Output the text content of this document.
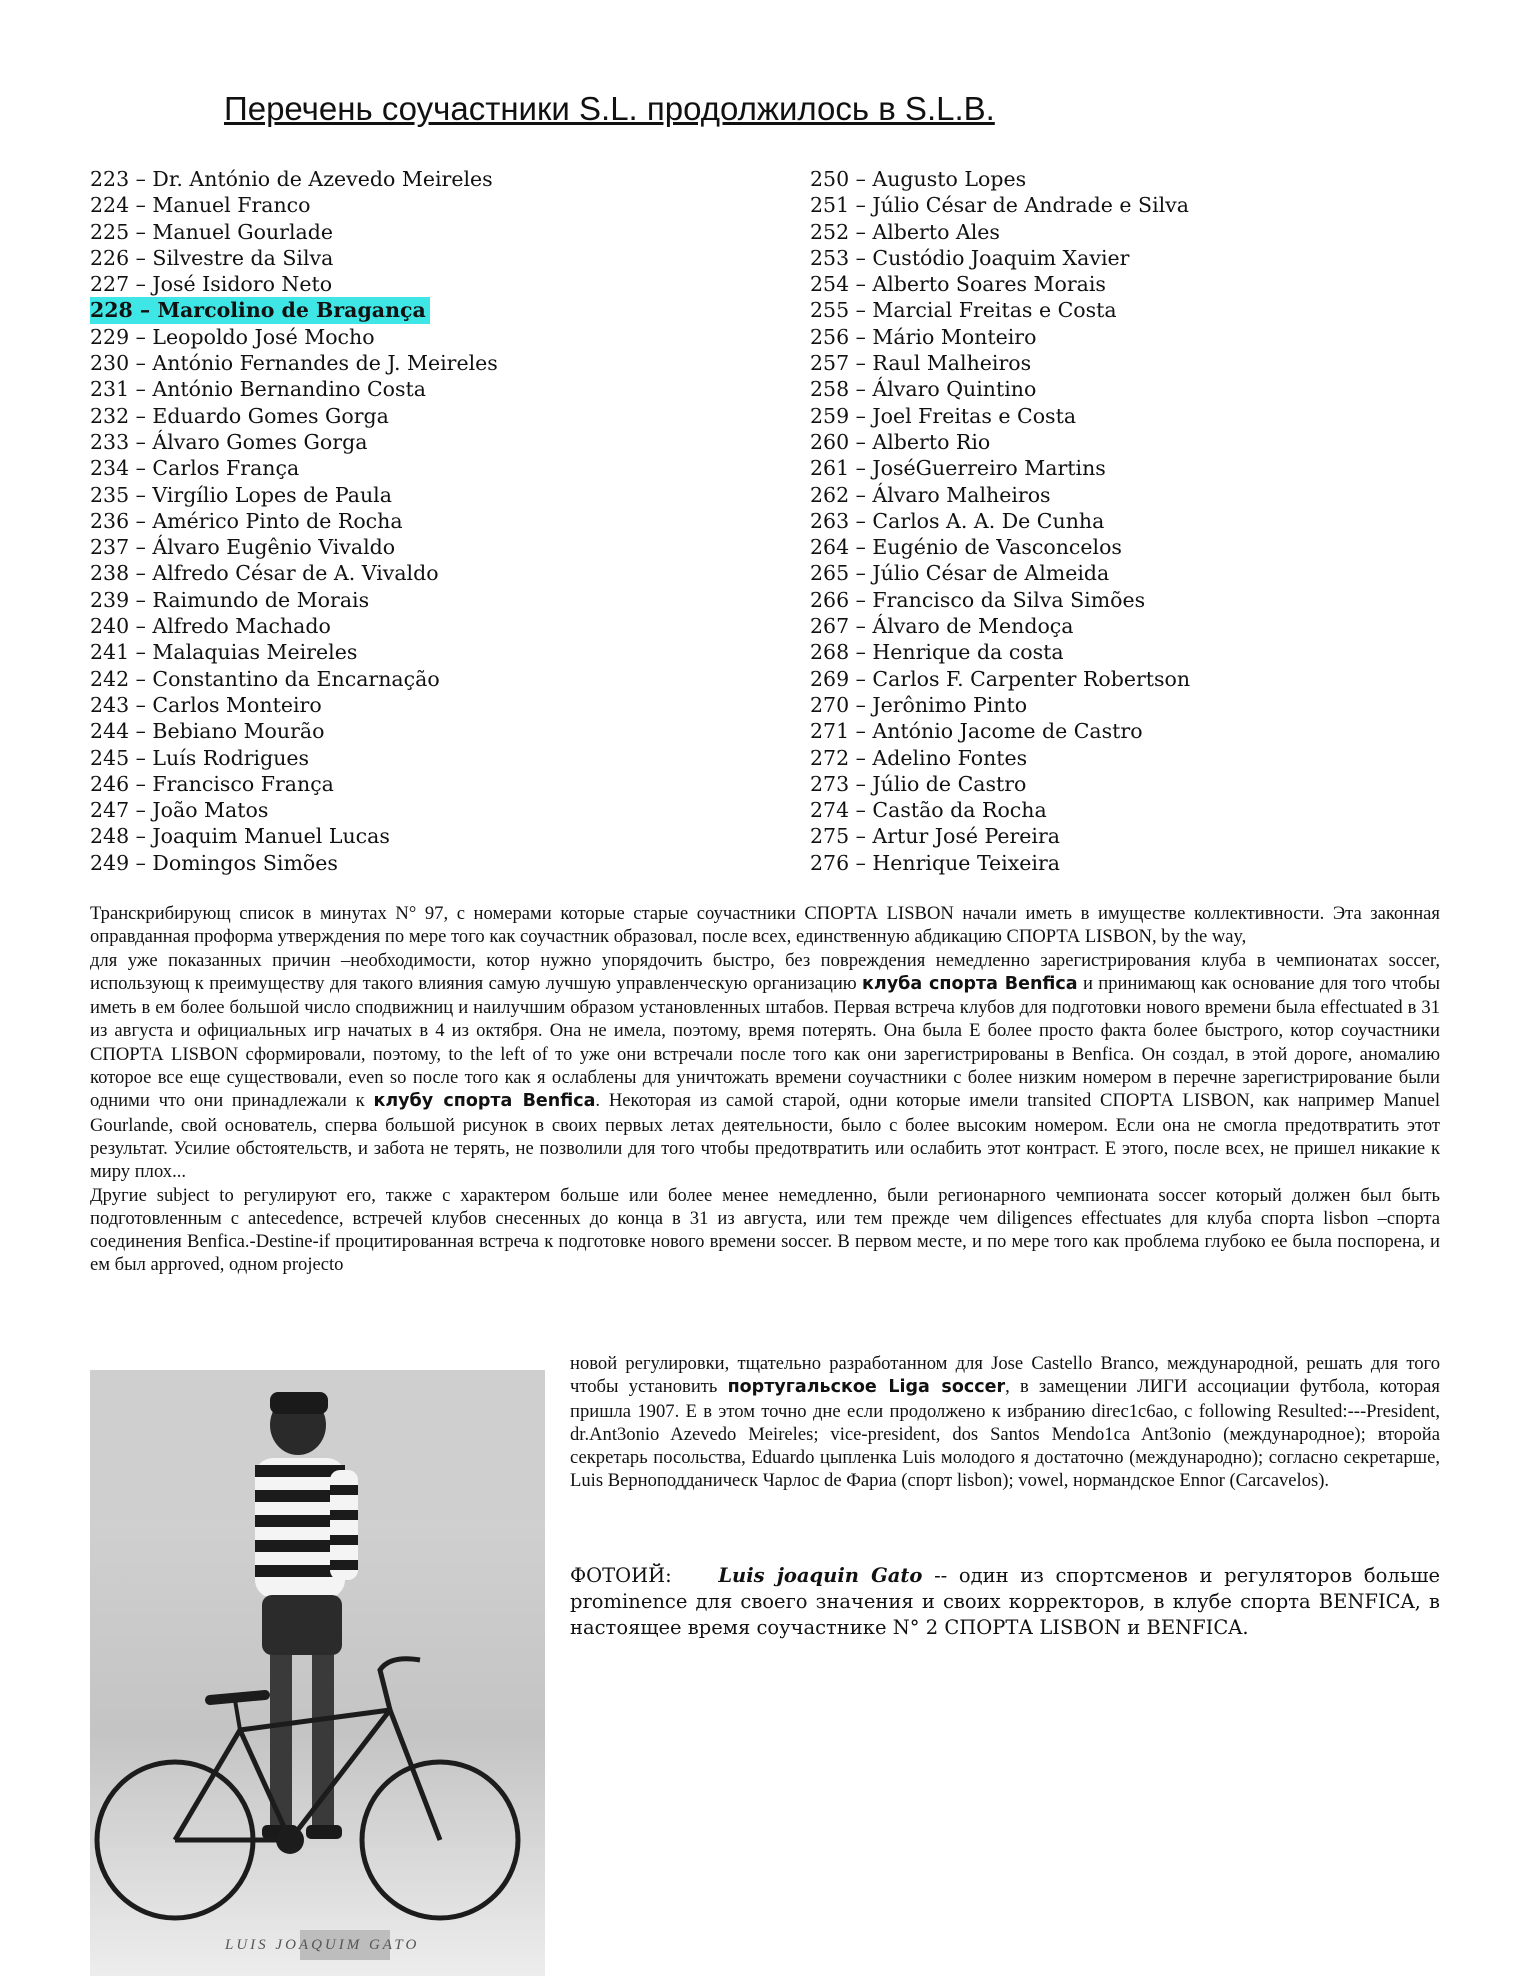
Перечень соучастники S.L. продолжилось в S.L.B.
223 – Dr. António de Azevedo Meireles
224 – Manuel Franco
225 – Manuel Gourlade
226 – Silvestre da Silva
227 – José Isidoro Neto
228 – Marcolino de Bragança
229 – Leopoldo José Mocho
230 – António Fernandes de J. Meireles
231 – António Bernandino Costa
232 – Eduardo Gomes Gorga
233 – Álvaro Gomes Gorga
234 – Carlos França
235 – Virgílio Lopes de Paula
236 – Américo Pinto de Rocha
237 – Álvaro Eugênio Vivaldo
238 – Alfredo César de A. Vivaldo
239 – Raimundo de Morais
240 – Alfredo Machado
241 – Malaquias Meireles
242 – Constantino da Encarnação
243 – Carlos Monteiro
244 – Bebiano Mourão
245 – Luís Rodrigues
246 – Francisco França
247 – João Matos
248 – Joaquim Manuel Lucas
249 – Domingos Simões
250 – Augusto Lopes
251 – Júlio César de Andrade e Silva
252 – Alberto Ales
253 – Custódio Joaquim Xavier
254 – Alberto Soares Morais
255 – Marcial Freitas e Costa
256 – Mário Monteiro
257 – Raul Malheiros
258 – Álvaro Quintino
259 – Joel Freitas e Costa
260 – Alberto Rio
261 – JoséGuerreiro Martins
262 – Álvaro Malheiros
263 – Carlos A. A. De Cunha
264 – Eugénio de Vasconcelos
265 – Júlio César de Almeida
266 – Francisco da Silva Simões
267 – Álvaro de Mendoça
268 – Henrique da costa
269 – Carlos F. Carpenter Robertson
270 – Jerônimo Pinto
271 – António Jacome de Castro
272 – Adelino Fontes
273 – Júlio de Castro
274 – Castão da Rocha
275 – Artur José Pereira
276 – Henrique Teixeira

Транскрибирующ список в минутах N° 97, с номерами которые старые соучастники СПОРТА LISBON начали иметь в имуществе коллективности. Эта законная оправданная проформа утверждения по мере того как соучастник образовал, после всех, единственную абдикацию СПОРТА LISBON, by the way,

для уже показанных причин –необходимости, котор нужно упорядочить быстро, без повреждения немедленно зарегистрирования клуба в чемпионатах soccer, использующ к преимуществу для такого влияния самую лучшую управленческую организацию клуба спорта Benfica и принимающ как основание для того чтобы иметь в ем более большой число сподвижниц и наилучшим образом установленных штабов. Первая встреча клубов для подготовки нового времени была effectuated в 31 из августа и официальных игр начатых в 4 из октября. Она не имела, поэтому, время потерять. Она была Е более просто факта более быстрого, котор соучастники СПОРТА LISBON сформировали, поэтому, to the left of то уже они встречали после того как они зарегистрированы в Benfica. Он создал, в этой дороге, аномалию которое все еще существовали, even so после того как я ослаблены для уничтожать времени соучастники с более низким номером в перечне зарегистрирование были одними что они принадлежали к клубу спорта Benfica. Некоторая из самой старой, одни которые имели transited СПОРТА LISBON, как например Manuel Gourlande, свой основатель, сперва большой рисунок в своих первых летах деятельности, было с более высоким номером. Если она не смогла предотвратить этот результат. Усилие обстоятельств, и забота не терять, не позволили для того чтобы предотвратить или ослабить этот контраст. Е этого, после всех, не пришел никакие к миру плох...

Другие subject to регулируют его, также с характером больше или более менее немедленно, были регионарного чемпионата soccer который должен был быть подготовленным с antecedence, встречей клубов снесенных до конца в 31 из августа, или тем прежде чем diligences effectuates для клуба спорта lisbon –спорта соединения Benfica.-Destine-if процитированная встреча к подготовке нового времени soccer. В первом месте, и по мере того как проблема глубоко ее была поспорена, и ем был approved, одном projecto

новой регулировки, тщательно разработанном для Jose Castello Branco, международной, решать для того чтобы установить португальское Liga soccer, в замещении ЛИГИ ассоциации футбола, которая пришла 1907. Е в этом точно дне если продолжено к избранию direc1c6ao, с following Resulted:---President, dr.Ant3onio Azevedo Meireles; vice-president, dos Santos Mendo1ca Ant3onio (международное); второйа секретарь посольства, Eduardo цыпленка Luis молодого я достаточно (международно); согласно секретарше, Luis Верноподданическ Чарлос de Фариа (спорт lisbon); vowel, нормандское Ennor (Carcavelos).
ФОТОИЙ: Luis joaquin Gato -- один из спортсменов и регуляторов больше prominence для своего значения и своих корректоров, в клубе спорта BENFICA, в настоящее время соучастнике N° 2 СПОРТА LISBON и BENFICA.
LUIS JOAQUIM GATO
